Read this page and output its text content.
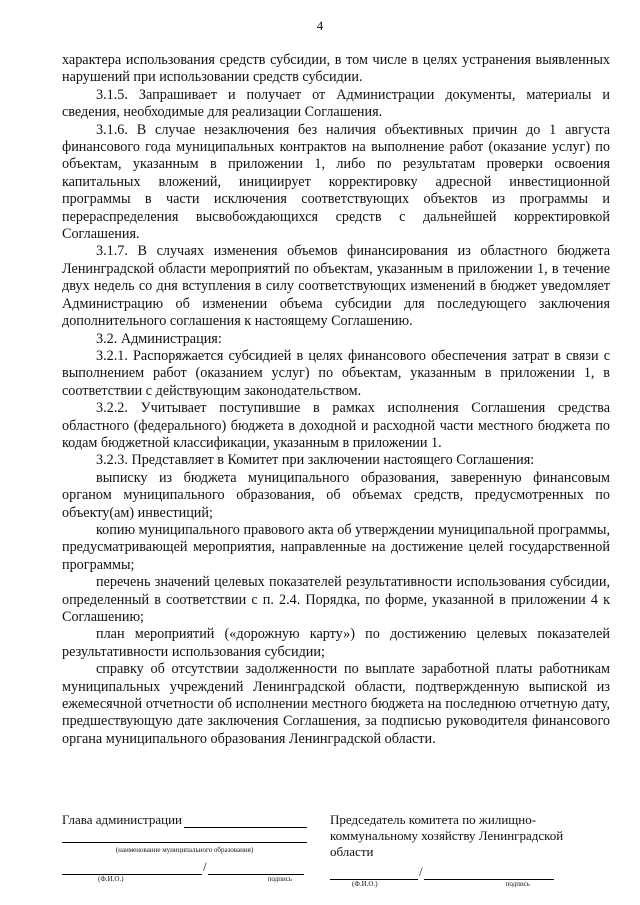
4

характера использования средств субсидии, в том числе в целях устранения выявленных нарушений при использовании средств субсидии.

3.1.5. Запрашивает и получает от Администрации документы, материалы и сведения, необходимые для реализации Соглашения.

3.1.6. В случае незаключения без наличия объективных причин до 1 августа финансового года муниципальных контрактов на выполнение работ (оказание услуг) по объектам, указанным в приложении 1, либо по результатам проверки освоения капитальных вложений, инициирует корректировку адресной инвестиционной программы в части исключения соответствующих объектов из программы и перераспределения высвобождающихся средств с дальнейшей корректировкой Соглашения.

3.1.7. В случаях изменения объемов финансирования из областного бюджета Ленинградской области мероприятий по объектам, указанным в приложении 1, в течение двух недель со дня вступления в силу соответствующих изменений в бюджет уведомляет Администрацию об изменении объема субсидии для последующего заключения дополнительного соглашения к настоящему Соглашению.

3.2. Администрация:

3.2.1. Распоряжается субсидией в целях финансового обеспечения затрат в связи с выполнением работ (оказанием услуг) по объектам, указанным в приложении 1, в соответствии с действующим законодательством.

3.2.2. Учитывает поступившие в рамках исполнения Соглашения средства областного (федерального) бюджета в доходной и расходной части местного бюджета по кодам бюджетной классификации, указанным в приложении 1.

3.2.3. Представляет в Комитет при заключении настоящего Соглашения:

выписку из бюджета муниципального образования, заверенную финансовым органом муниципального образования, об объемах средств, предусмотренных по объекту(ам) инвестиций;

копию муниципального правового акта об утверждении муниципальной программы, предусматривающей мероприятия, направленные на достижение целей государственной программы;

перечень значений целевых показателей результативности использования субсидии, определенный в соответствии с п. 2.4. Порядка, по форме, указанной в приложении 4 к Соглашению;

план мероприятий («дорожную карту») по достижению целевых показателей результативности использования субсидии;

справку об отсутствии задолженности по выплате заработной платы работникам муниципальных учреждений Ленинградской области, подтвержденную выпиской из ежемесячной отчетности об исполнении местного бюджета на последнюю отчетную дату, предшествующую дате заключения Соглашения, за подписью руководителя финансового органа муниципального образования Ленинградской области.

Глава администрации
(наименование муниципального образования)
/
(Ф.И.О.)	подпись
Председатель комитета по жилищно-коммунальному хозяйству Ленинградской области
/
(Ф.И.О.)	подпись
